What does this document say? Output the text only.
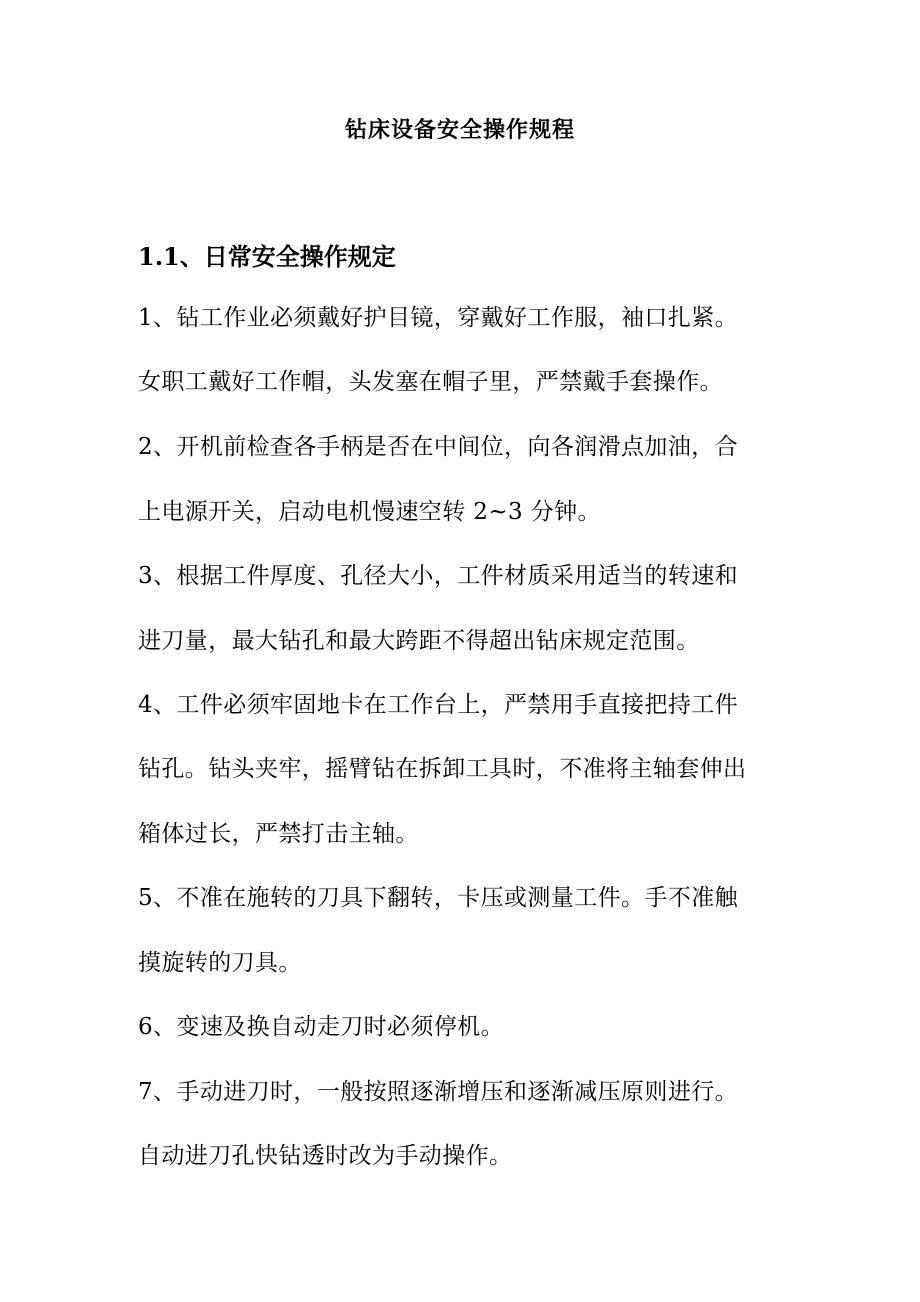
钻床设备安全操作规程
1.1、日常安全操作规定
1、钻工作业必须戴好护目镜，穿戴好工作服，袖口扎紧。
女职工戴好工作帽，头发塞在帽子里，严禁戴手套操作。
2、开机前检查各手柄是否在中间位，向各润滑点加油，合
上电源开关，启动电机慢速空转 2~3 分钟。
3、根据工件厚度、孔径大小，工件材质采用适当的转速和
进刀量，最大钻孔和最大跨距不得超出钻床规定范围。
4、工件必须牢固地卡在工作台上，严禁用手直接把持工件
钻孔。钻头夹牢，摇臂钻在拆卸工具时，不准将主轴套伸出
箱体过长，严禁打击主轴。
5、不准在施转的刀具下翻转，卡压或测量工件。手不准触
摸旋转的刀具。
6、变速及换自动走刀时必须停机。
7、手动进刀时，一般按照逐渐增压和逐渐减压原则进行。
自动进刀孔快钻透时改为手动操作。
